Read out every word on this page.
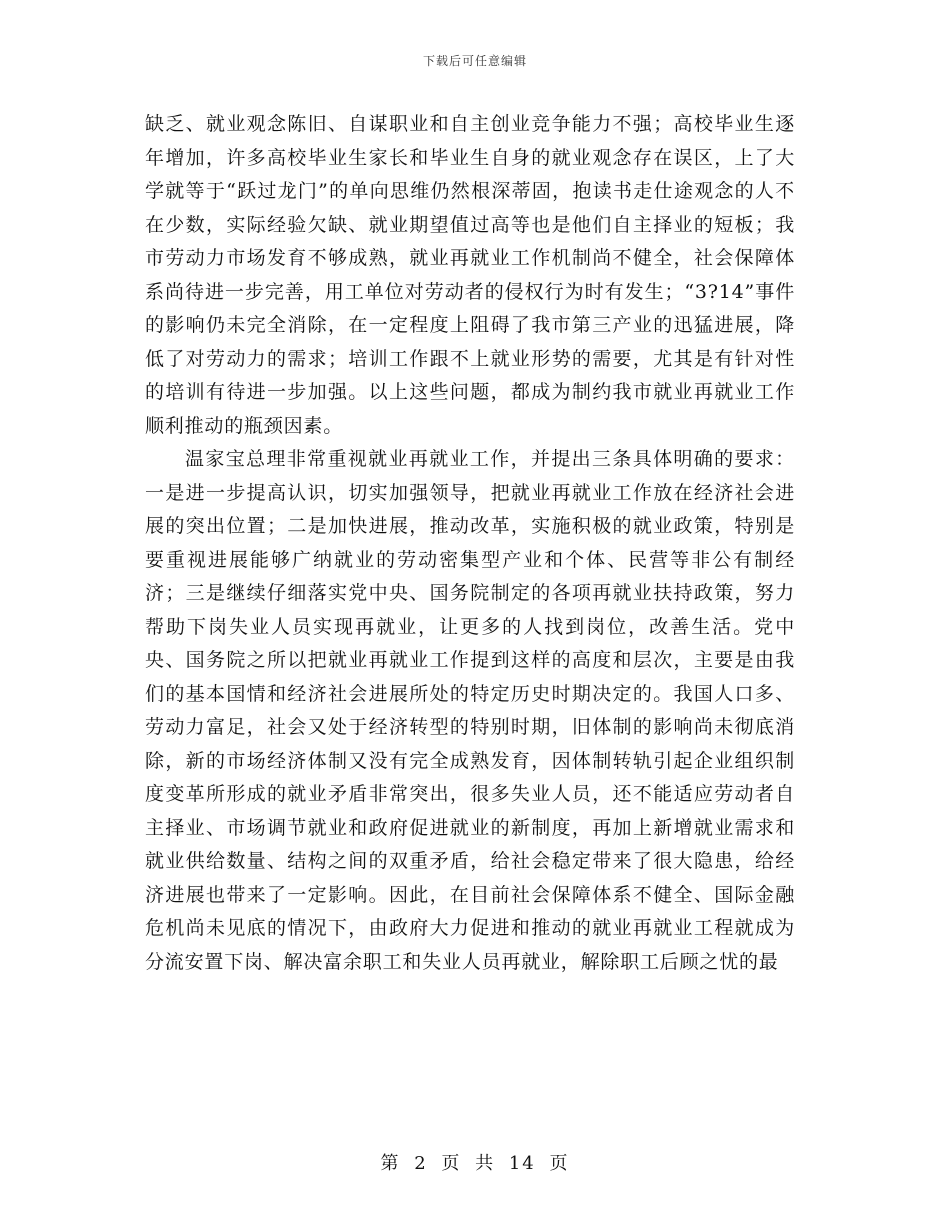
下载后可任意编辑

缺乏、就业观念陈旧、自谋职业和自主创业竞争能力不强；高校毕业生逐年增加，许多高校毕业生家长和毕业生自身的就业观念存在误区，上了大学就等于“跃过龙门”的单向思维仍然根深蒂固，抱读书走仕途观念的人不在少数，实际经验欠缺、就业期望值过高等也是他们自主择业的短板；我市劳动力市场发育不够成熟，就业再就业工作机制尚不健全，社会保障体系尚待进一步完善，用工单位对劳动者的侵权行为时有发生；“3?14”事件的影响仍未完全消除，在一定程度上阻碍了我市第三产业的迅猛进展，降低了对劳动力的需求；培训工作跟不上就业形势的需要，尤其是有针对性的培训有待进一步加强。以上这些问题，都成为制约我市就业再就业工作顺利推动的瓶颈因素。

温家宝总理非常重视就业再就业工作，并提出三条具体明确的要求：一是进一步提高认识，切实加强领导，把就业再就业工作放在经济社会进展的突出位置；二是加快进展，推动改革，实施积极的就业政策，特别是要重视进展能够广纳就业的劳动密集型产业和个体、民营等非公有制经济；三是继续仔细落实党中央、国务院制定的各项再就业扶持政策，努力帮助下岗失业人员实现再就业，让更多的人找到岗位，改善生活。党中央、国务院之所以把就业再就业工作提到这样的高度和层次，主要是由我们的基本国情和经济社会进展所处的特定历史时期决定的。我国人口多、劳动力富足，社会又处于经济转型的特别时期，旧体制的影响尚未彻底消除，新的市场经济体制又没有完全成熟发育，因体制转轨引起企业组织制度变革所形成的就业矛盾非常突出，很多失业人员，还不能适应劳动者自主择业、市场调节就业和政府促进就业的新制度，再加上新增就业需求和就业供给数量、结构之间的双重矛盾，给社会稳定带来了很大隐患，给经济进展也带来了一定影响。因此，在目前社会保障体系不健全、国际金融危机尚未见底的情况下，由政府大力促进和推动的就业再就业工程就成为分流安置下岗、解决富余职工和失业人员再就业，解除职工后顾之忧的最

第 2 页 共 14 页
